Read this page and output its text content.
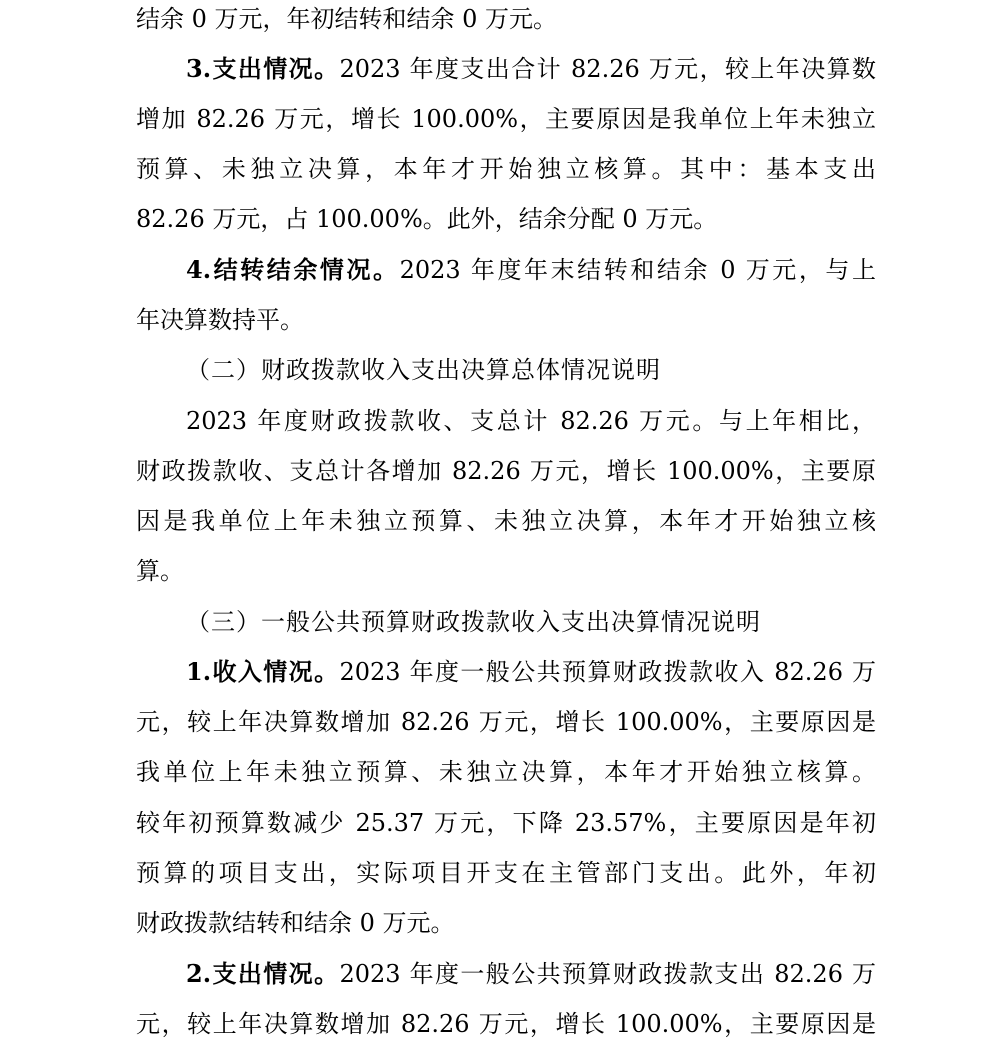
结余 0 万元，年初结转和结余 0 万元。
3.支出情况。2023 年度支出合计 82.26 万元，较上年决算数
增加 82.26 万元，增长 100.00%，主要原因是我单位上年未独立
预算、未独立决算，本年才开始独立核算。其中：基本支出
82.26 万元，占 100.00%。此外，结余分配 0 万元。
4.结转结余情况。2023 年度年末结转和结余 0 万元，与上
年决算数持平。
（二）财政拨款收入支出决算总体情况说明
2023 年度财政拨款收、支总计 82.26 万元。与上年相比，
财政拨款收、支总计各增加 82.26 万元，增长 100.00%，主要原
因是我单位上年未独立预算、未独立决算，本年才开始独立核
算。
（三）一般公共预算财政拨款收入支出决算情况说明
1.收入情况。2023 年度一般公共预算财政拨款收入 82.26 万
元，较上年决算数增加 82.26 万元，增长 100.00%，主要原因是
我单位上年未独立预算、未独立决算，本年才开始独立核算。
较年初预算数减少 25.37 万元，下降 23.57%，主要原因是年初
预算的项目支出，实际项目开支在主管部门支出。此外，年初
财政拨款结转和结余 0 万元。
2.支出情况。2023 年度一般公共预算财政拨款支出 82.26 万
元，较上年决算数增加 82.26 万元，增长 100.00%，主要原因是
